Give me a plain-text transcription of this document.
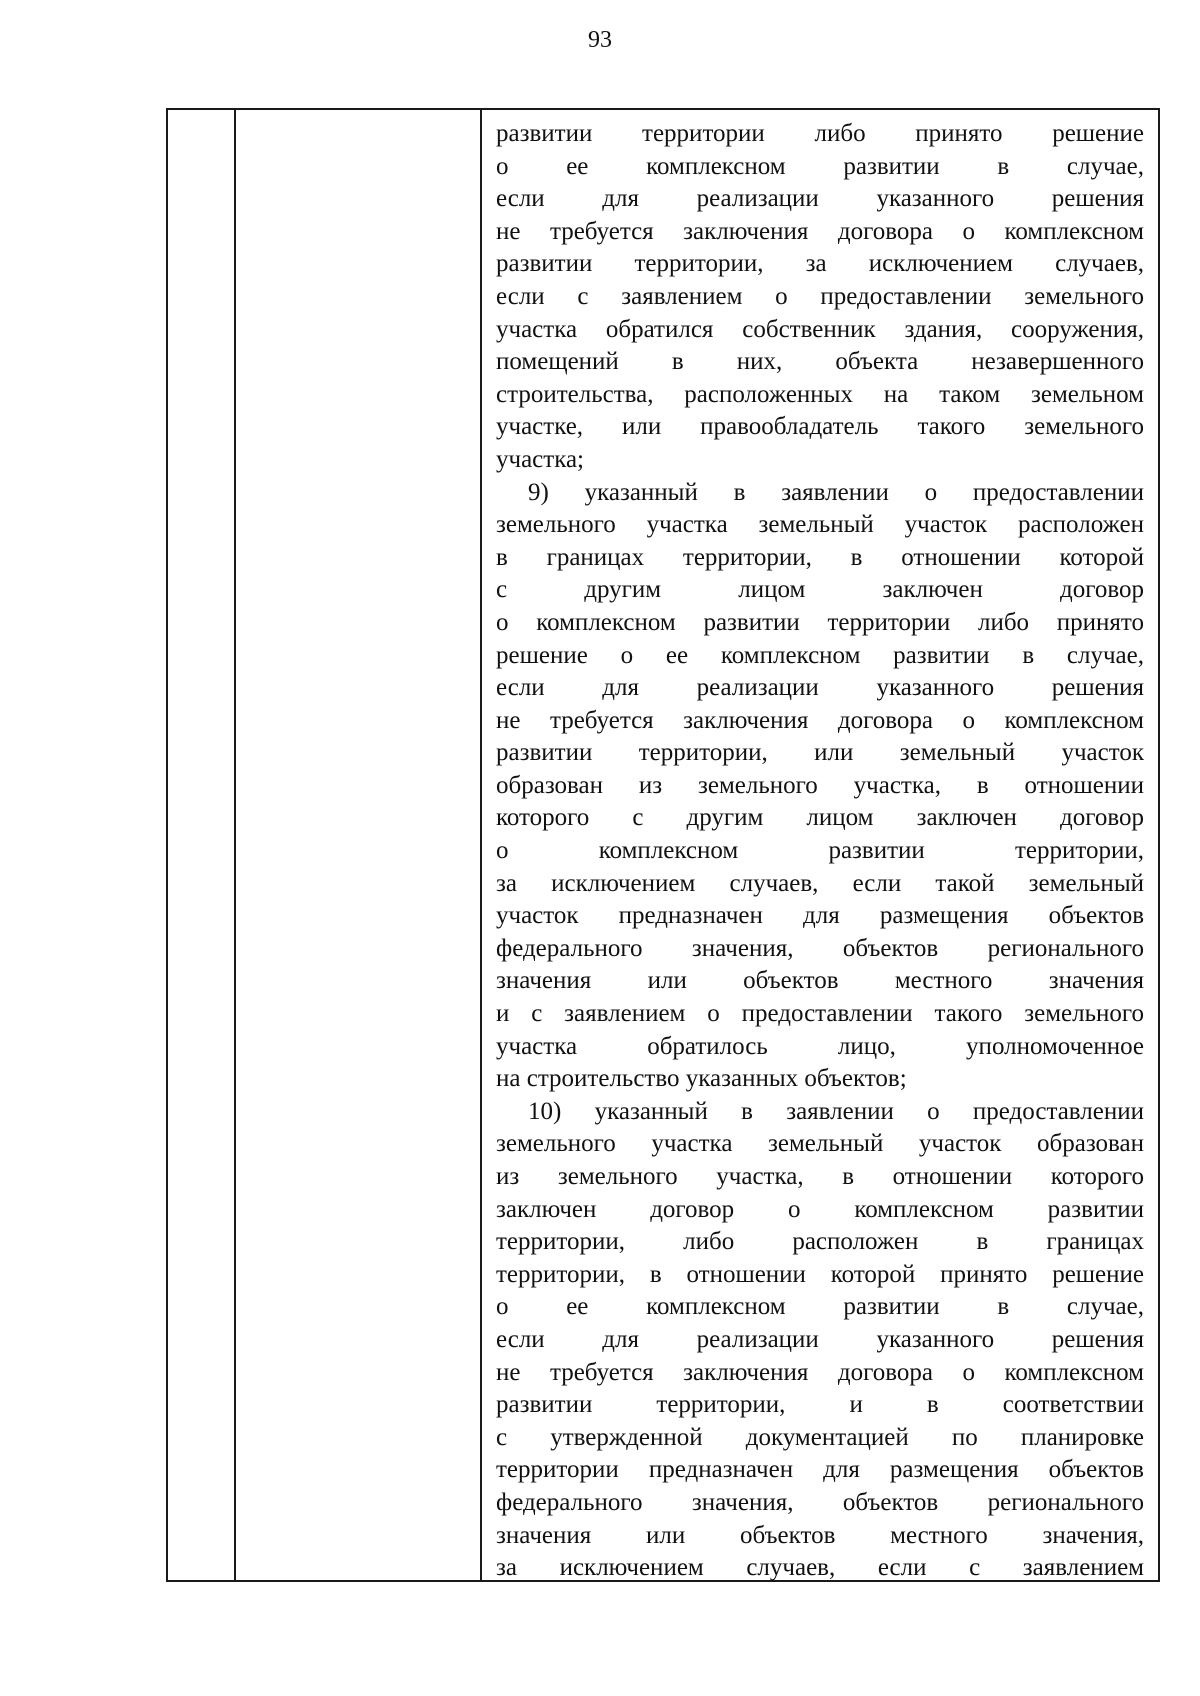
93
развитии территории либо принято решение
о ее комплексном развитии в случае,
если для реализации указанного решения
не требуется заключения договора о комплексном
развитии территории, за исключением случаев,
если с заявлением о предоставлении земельного
участка обратился собственник здания, сооружения,
помещений в них, объекта незавершенного
строительства, расположенных на таком земельном
участке, или правообладатель такого земельного
участка;
9) указанный в заявлении о предоставлении
земельного участка земельный участок расположен
в границах территории, в отношении которой
с другим лицом заключен договор
о комплексном развитии территории либо принято
решение о ее комплексном развитии в случае,
если для реализации указанного решения
не требуется заключения договора о комплексном
развитии территории, или земельный участок
образован из земельного участка, в отношении
которого с другим лицом заключен договор
о комплексном развитии территории,
за исключением случаев, если такой земельный
участок предназначен для размещения объектов
федерального значения, объектов регионального
значения или объектов местного значения
и с заявлением о предоставлении такого земельного
участка обратилось лицо, уполномоченное
на строительство указанных объектов;
10) указанный в заявлении о предоставлении
земельного участка земельный участок образован
из земельного участка, в отношении которого
заключен договор о комплексном развитии
территории, либо расположен в границах
территории, в отношении которой принято решение
о ее комплексном развитии в случае,
если для реализации указанного решения
не требуется заключения договора о комплексном
развитии территории, и в соответствии
с утвержденной документацией по планировке
территории предназначен для размещения объектов
федерального значения, объектов регионального
значения или объектов местного значения,
за исключением случаев, если с заявлением
